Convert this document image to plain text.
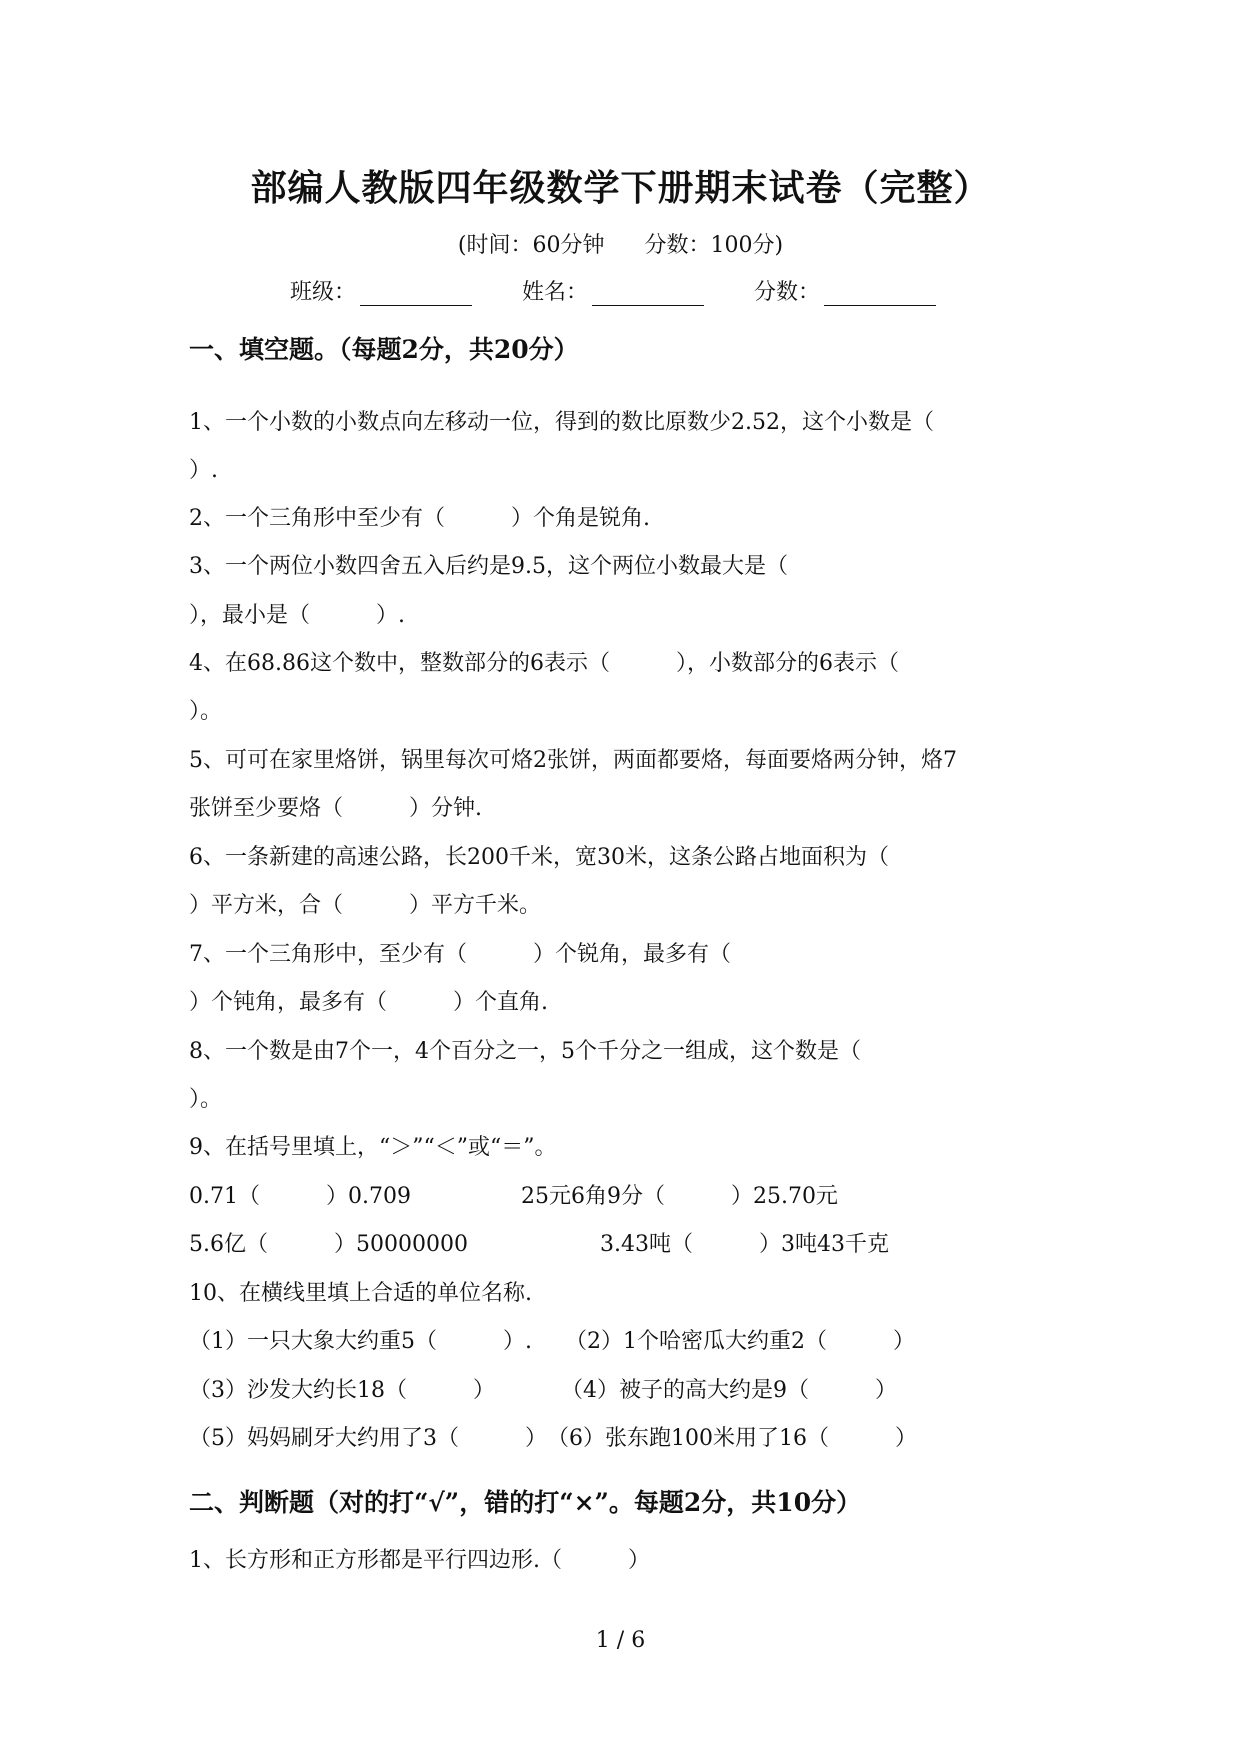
部编人教版四年级数学下册期末试卷（完整）
(时间：60分钟 分数：100分)
班级：	姓名：	分数：
一、填空题。（每题2分，共20分）
1、一个小数的小数点向左移动一位，得到的数比原数少2.52，这个小数是（
）.
2、一个三角形中至少有（　　　）个角是锐角.
3、一个两位小数四舍五入后约是9.5，这个两位小数最大是（
），最小是（　　　）.
4、在68.86这个数中，整数部分的6表示（　　　），小数部分的6表示（
）。
5、可可在家里烙饼，锅里每次可烙2张饼，两面都要烙，每面要烙两分钟，烙7
张饼至少要烙（　　　）分钟.
6、一条新建的高速公路，长200千米，宽30米，这条公路占地面积为（
）平方米，合（　　　）平方千米。
7、一个三角形中，至少有（　　　）个锐角，最多有（
）个钝角，最多有（　　　）个直角.
8、一个数是由7个一，4个百分之一，5个千分之一组成，这个数是（
）。
9、在括号里填上，“＞”“＜”或“＝”。
0.71（　　　）0.709　　　　　25元6角9分（　　　）25.70元
5.6亿（　　　）50000000　　　　　　3.43吨（　　　）3吨43千克
10、在横线里填上合适的单位名称.
（1）一只大象大约重5（　　　）.　　（2）1个哈密瓜大约重2（　　　）
（3）沙发大约长18（　　　）　　　　（4）被子的高大约是9（　　　）
（5）妈妈刷牙大约用了3（　　　）　（6）张东跑100米用了16（　　　）
二、判断题（对的打“√”，错的打“×”。每题2分，共10分）
1、长方形和正方形都是平行四边形.（　　　）
1 / 6
